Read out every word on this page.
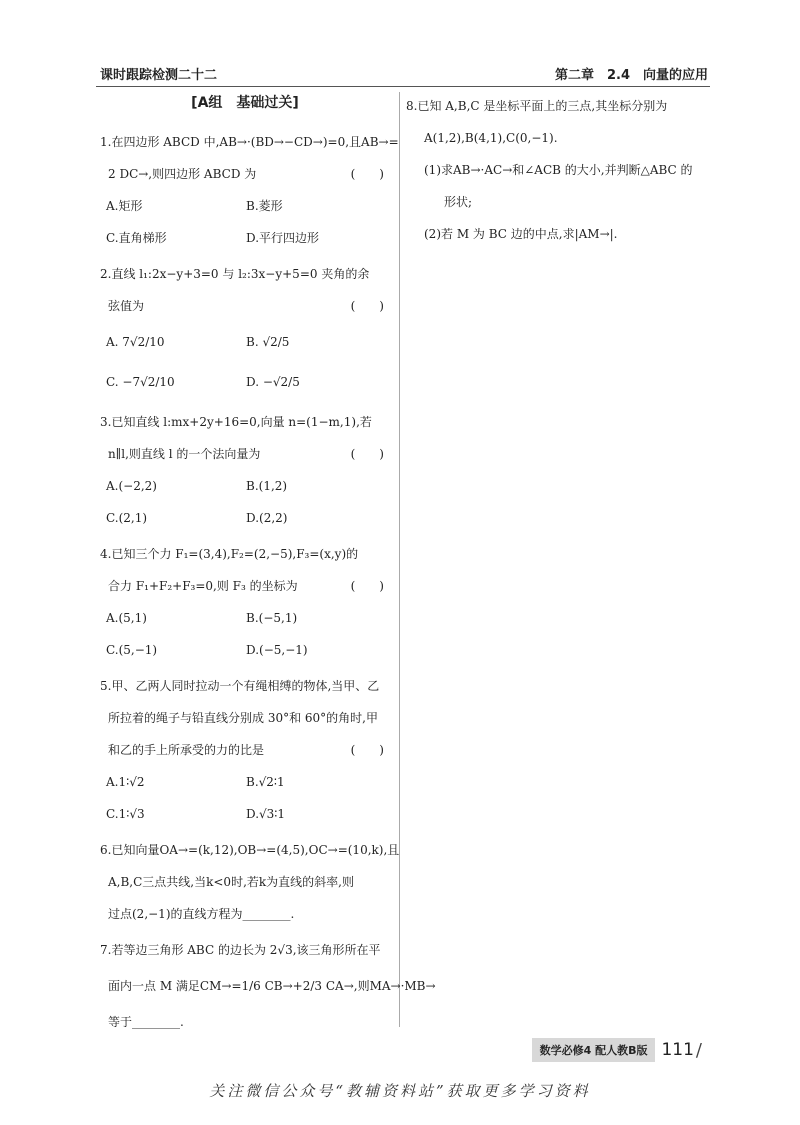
课时跟踪检测二十二	第二章　2.4　向量的应用
[A组　基础过关]
1.在四边形 ABCD 中,AB→·(BD→−CD→)=0,且AB→=
2 DC→,则四边形 ABCD 为	(　　)
A.矩形	B.菱形
C.直角梯形	D.平行四边形
2.直线 l₁:2x−y+3=0 与 l₂:3x−y+5=0 夹角的余
弦值为	(　　)
A. 7√2/10	B. √2/5
C. −7√2/10	D. −√2/5
3.已知直线 l:mx+2y+16=0,向量 n=(1−m,1),若
n∥l,则直线 l 的一个法向量为	(　　)
A.(−2,2)	B.(1,2)
C.(2,1)	D.(2,2)
4.已知三个力 F₁=(3,4),F₂=(2,−5),F₃=(x,y)的
合力 F₁+F₂+F₃=0,则 F₃ 的坐标为	(　　)
A.(5,1)	B.(−5,1)
C.(5,−1)	D.(−5,−1)
5.甲、乙两人同时拉动一个有绳相缚的物体,当甲、乙
所拉着的绳子与铅直线分别成 30°和 60°的角时,甲
和乙的手上所承受的力的比是	(　　)
A.1∶√2	B.√2∶1
C.1∶√3	D.√3∶1
6.已知向量OA→=(k,12),OB→=(4,5),OC→=(10,k),且
A,B,C三点共线,当k<0时,若k为直线的斜率,则
过点(2,−1)的直线方程为________.
7.若等边三角形 ABC 的边长为 2√3,该三角形所在平
面内一点 M 满足CM→=1/6 CB→+2/3 CA→,则MA→·MB→
等于________.
8.已知 A,B,C 是坐标平面上的三点,其坐标分别为
A(1,2),B(4,1),C(0,−1).
(1)求AB→·AC→和∠ACB 的大小,并判断△ABC 的
形状;
(2)若 M 为 BC 边的中点,求|AM→|.
数学必修4 配人教B版 111 /
关注微信公众号“教辅资料站”获取更多学习资料
